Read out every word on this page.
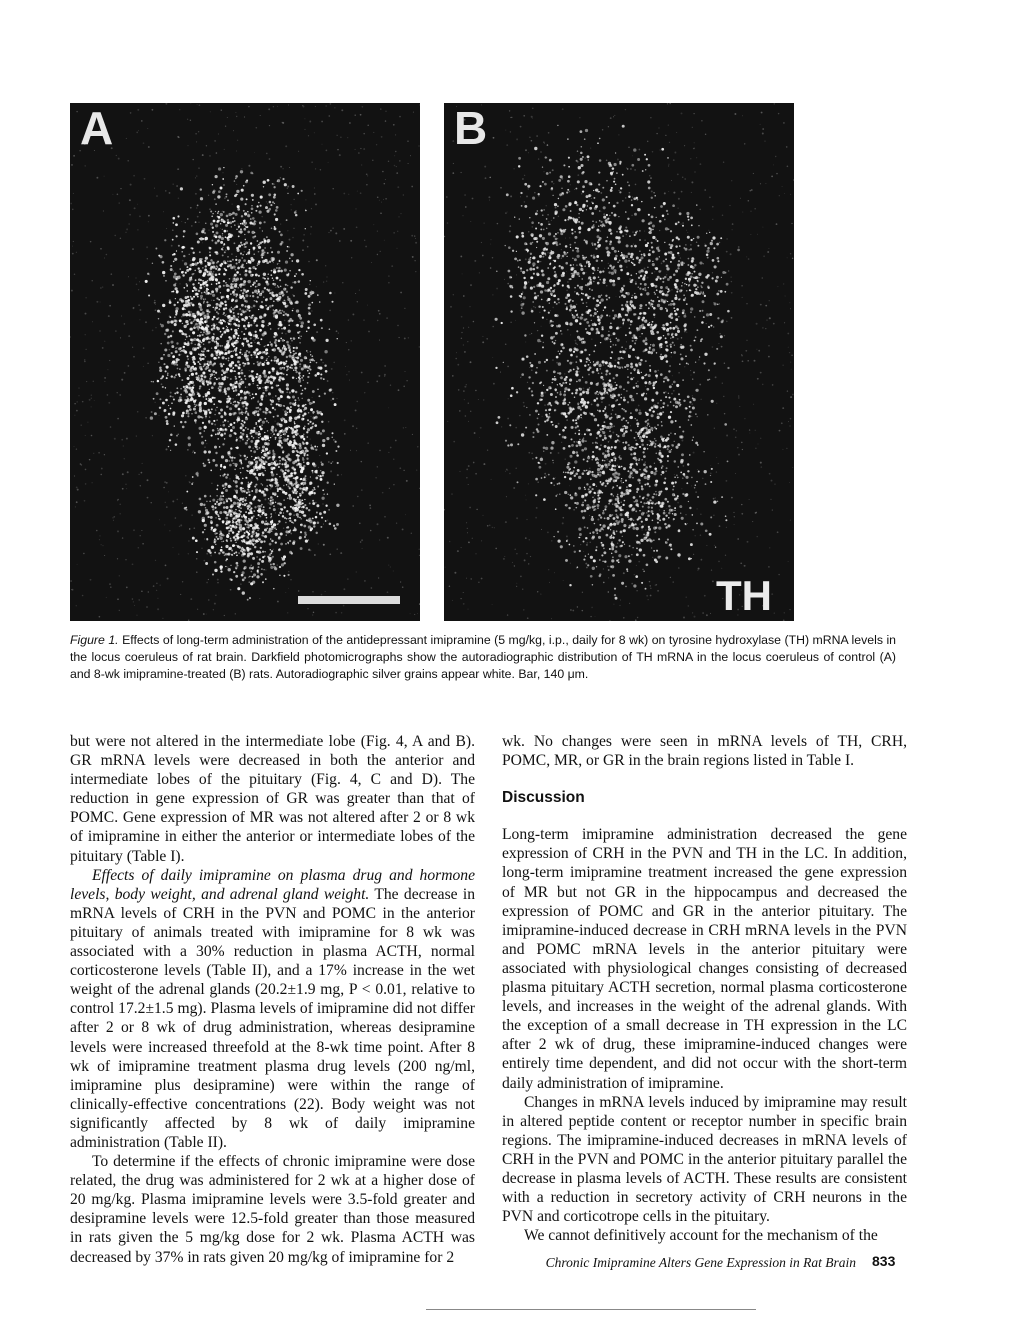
A	B
TH
Figure 1. Effects of long-term administration of the antidepressant imipramine (5 mg/kg, i.p., daily for 8 wk) on tyrosine hydroxylase (TH) mRNA levels in the locus coeruleus of rat brain. Darkfield photomicrographs show the autoradiographic distribution of TH mRNA in the locus coeruleus of control (A) and 8-wk imipramine-treated (B) rats. Autoradiographic silver grains appear white. Bar, 140 μm.

but were not altered in the intermediate lobe (Fig. 4, A and B). GR mRNA levels were decreased in both the anterior and intermediate lobes of the pituitary (Fig. 4, C and D). The reduction in gene expression of GR was greater than that of POMC. Gene expression of MR was not altered after 2 or 8 wk of imipramine in either the anterior or intermediate lobes of the pituitary (Table I).

Effects of daily imipramine on plasma drug and hormone levels, body weight, and adrenal gland weight. The decrease in mRNA levels of CRH in the PVN and POMC in the anterior pituitary of animals treated with imipramine for 8 wk was associated with a 30% reduction in plasma ACTH, normal corticosterone levels (Table II), and a 17% increase in the wet weight of the adrenal glands (20.2±1.9 mg, P < 0.01, relative to control 17.2±1.5 mg). Plasma levels of imipramine did not differ after 2 or 8 wk of drug administration, whereas desipramine levels were increased threefold at the 8-wk time point. After 8 wk of imipramine treatment plasma drug levels (200 ng/ml, imipramine plus desipramine) were within the range of clinically-effective concentrations (22). Body weight was not significantly affected by 8 wk of daily imipramine administration (Table II).

To determine if the effects of chronic imipramine were dose related, the drug was administered for 2 wk at a higher dose of 20 mg/kg. Plasma imipramine levels were 3.5-fold greater and desipramine levels were 12.5-fold greater than those measured in rats given the 5 mg/kg dose for 2 wk. Plasma ACTH was decreased by 37% in rats given 20 mg/kg of imipramine for 2

wk. No changes were seen in mRNA levels of TH, CRH, POMC, MR, or GR in the brain regions listed in Table I.

Discussion

Long-term imipramine administration decreased the gene expression of CRH in the PVN and TH in the LC. In addition, long-term imipramine treatment increased the gene expression of MR but not GR in the hippocampus and decreased the expression of POMC and GR in the anterior pituitary. The imipramine-induced decrease in CRH mRNA levels in the PVN and POMC mRNA levels in the anterior pituitary were associated with physiological changes consisting of decreased plasma pituitary ACTH secretion, normal plasma corticosterone levels, and increases in the weight of the adrenal glands. With the exception of a small decrease in TH expression in the LC after 2 wk of drug, these imipramine-induced changes were entirely time dependent, and did not occur with the short-term daily administration of imipramine.

Changes in mRNA levels induced by imipramine may result in altered peptide content or receptor number in specific brain regions. The imipramine-induced decreases in mRNA levels of CRH in the PVN and POMC in the anterior pituitary parallel the decrease in plasma levels of ACTH. These results are consistent with a reduction in secretory activity of CRH neurons in the PVN and corticotrope cells in the pituitary.

We cannot definitively account for the mechanism of the

Chronic Imipramine Alters Gene Expression in Rat Brain 833
